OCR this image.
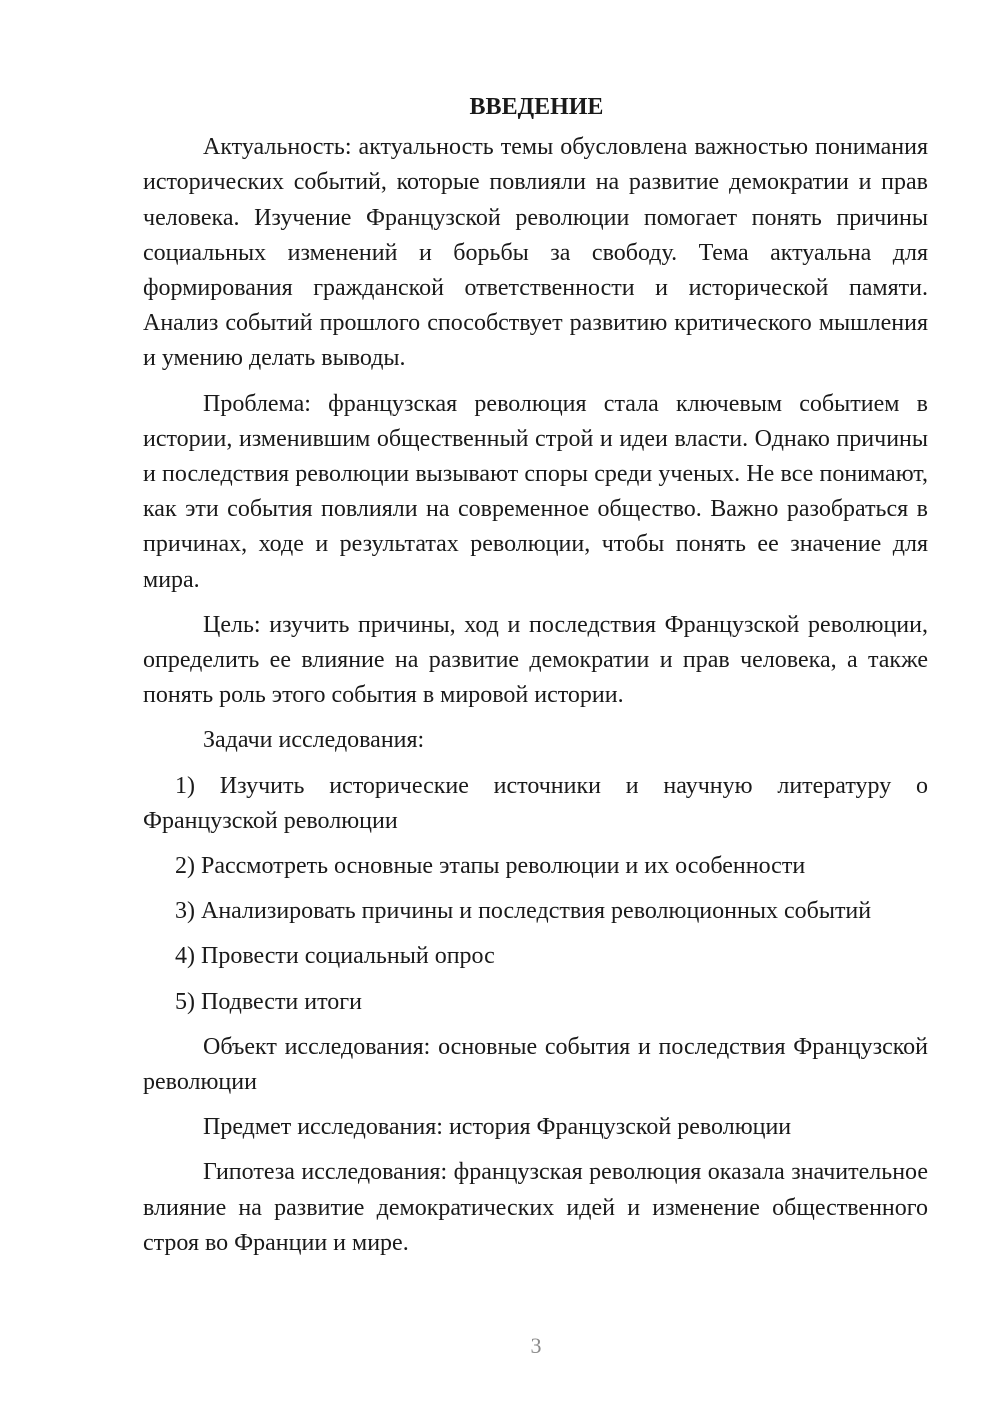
ВВЕДЕНИЕ

Актуальность: актуальность темы обусловлена важностью понимания исторических событий, которые повлияли на развитие демократии и прав человека. Изучение Французской революции помогает понять причины социальных изменений и борьбы за свободу. Тема актуальна для формирования гражданской ответственности и исторической памяти. Анализ событий прошлого способствует развитию критического мышления и умению делать выводы.

Проблема: французская революция стала ключевым событием в истории, изменившим общественный строй и идеи власти. Однако причины и последствия революции вызывают споры среди ученых. Не все понимают, как эти события повлияли на современное общество. Важно разобраться в причинах, ходе и результатах революции, чтобы понять ее значение для мира.

Цель: изучить причины, ход и последствия Французской революции, определить ее влияние на развитие демократии и прав человека, а также понять роль этого события в мировой истории.

Задачи исследования:

1) Изучить исторические источники и научную литературу о Французской революции

2) Рассмотреть основные этапы революции и их особенности

3) Анализировать причины и последствия революционных событий

4) Провести социальный опрос

5) Подвести итоги

Объект исследования: основные события и последствия Французской революции

Предмет исследования: история Французской революции

Гипотеза исследования: французская революция оказала значительное влияние на развитие демократических идей и изменение общественного строя во Франции и мире.

3
